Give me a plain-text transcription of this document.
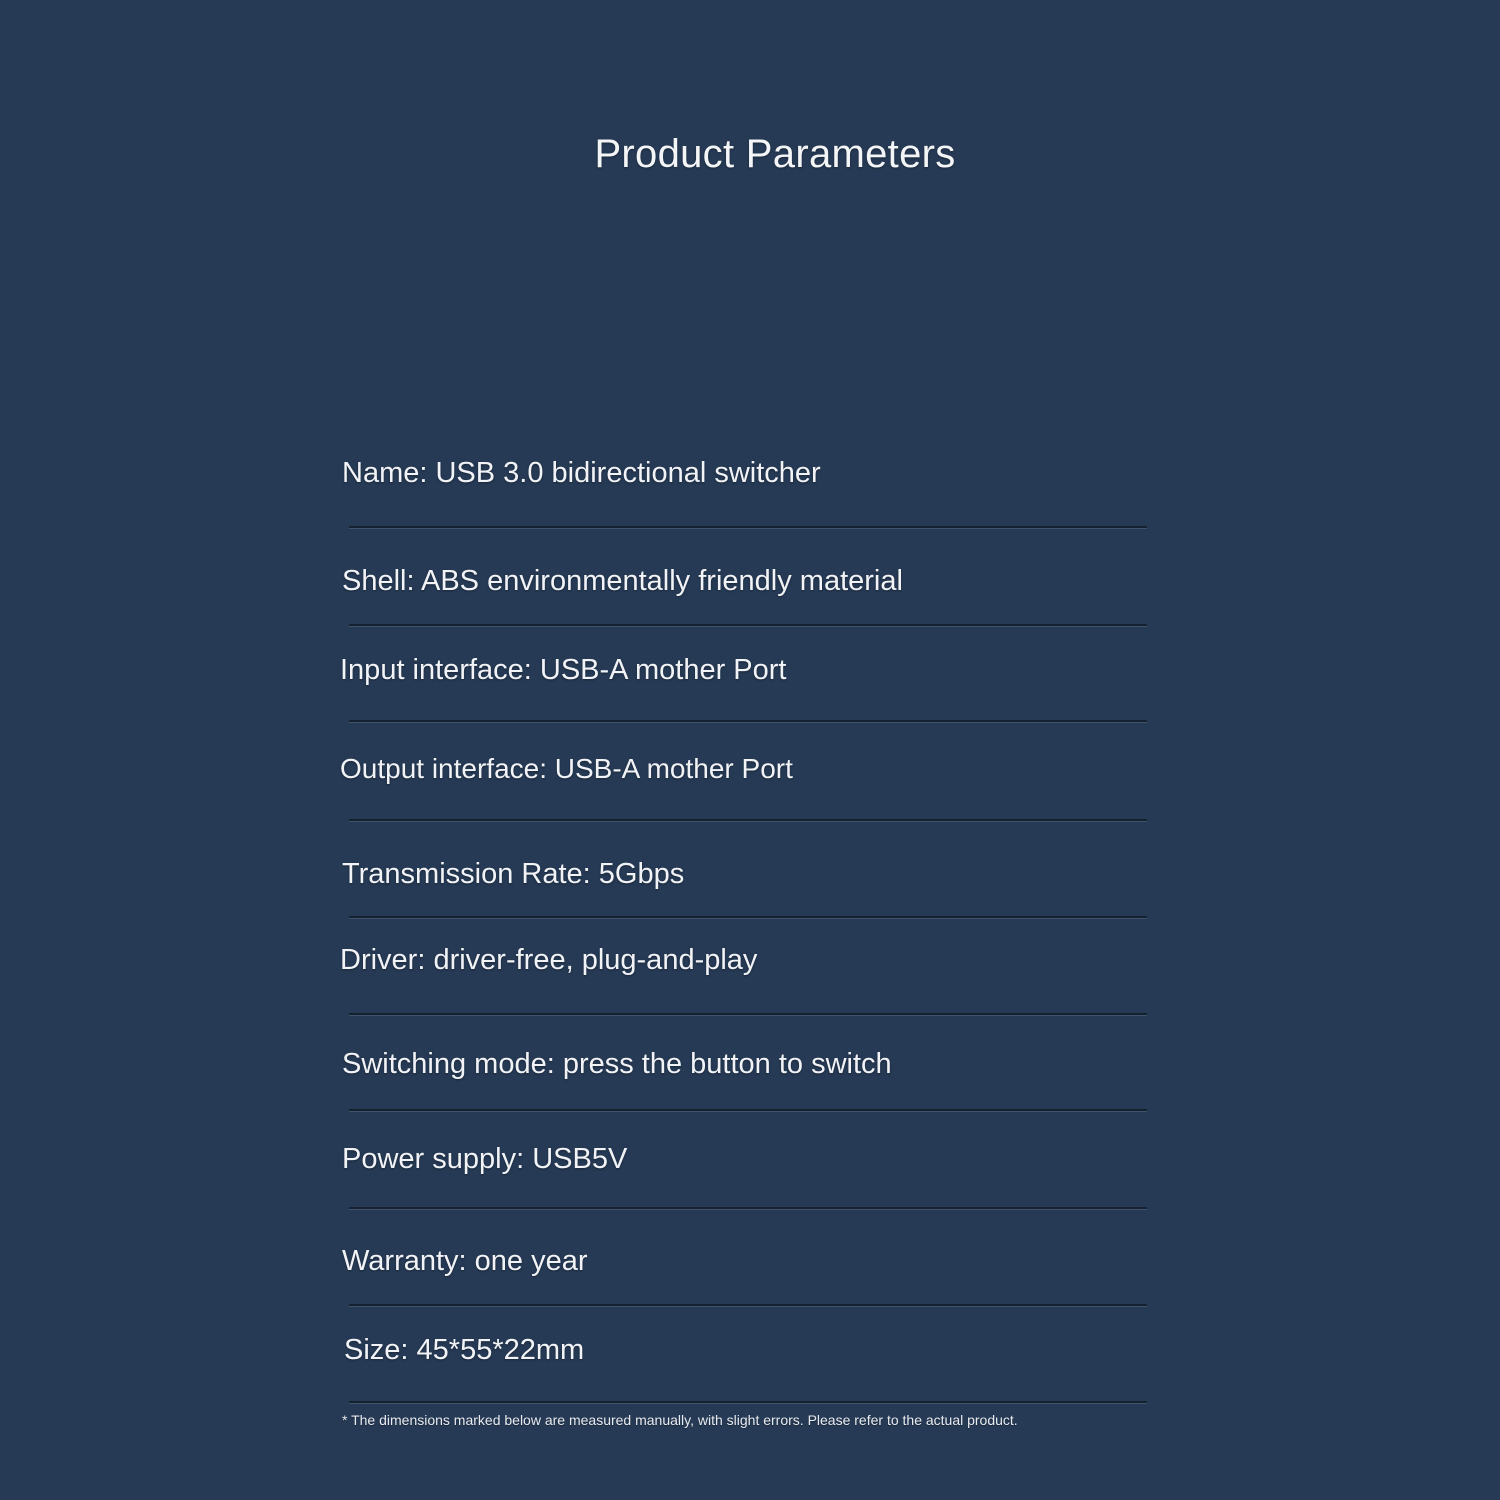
Product Parameters
Name: USB 3.0 bidirectional switcher
Shell: ABS environmentally friendly material
Input interface: USB-A mother Port
Output interface: USB-A mother Port
Transmission Rate: 5Gbps
Driver: driver-free, plug-and-play
Switching mode: press the button to switch
Power supply: USB5V
Warranty: one year
Size: 45*55*22mm
* The dimensions marked below are measured manually, with slight errors. Please refer to the actual product.
